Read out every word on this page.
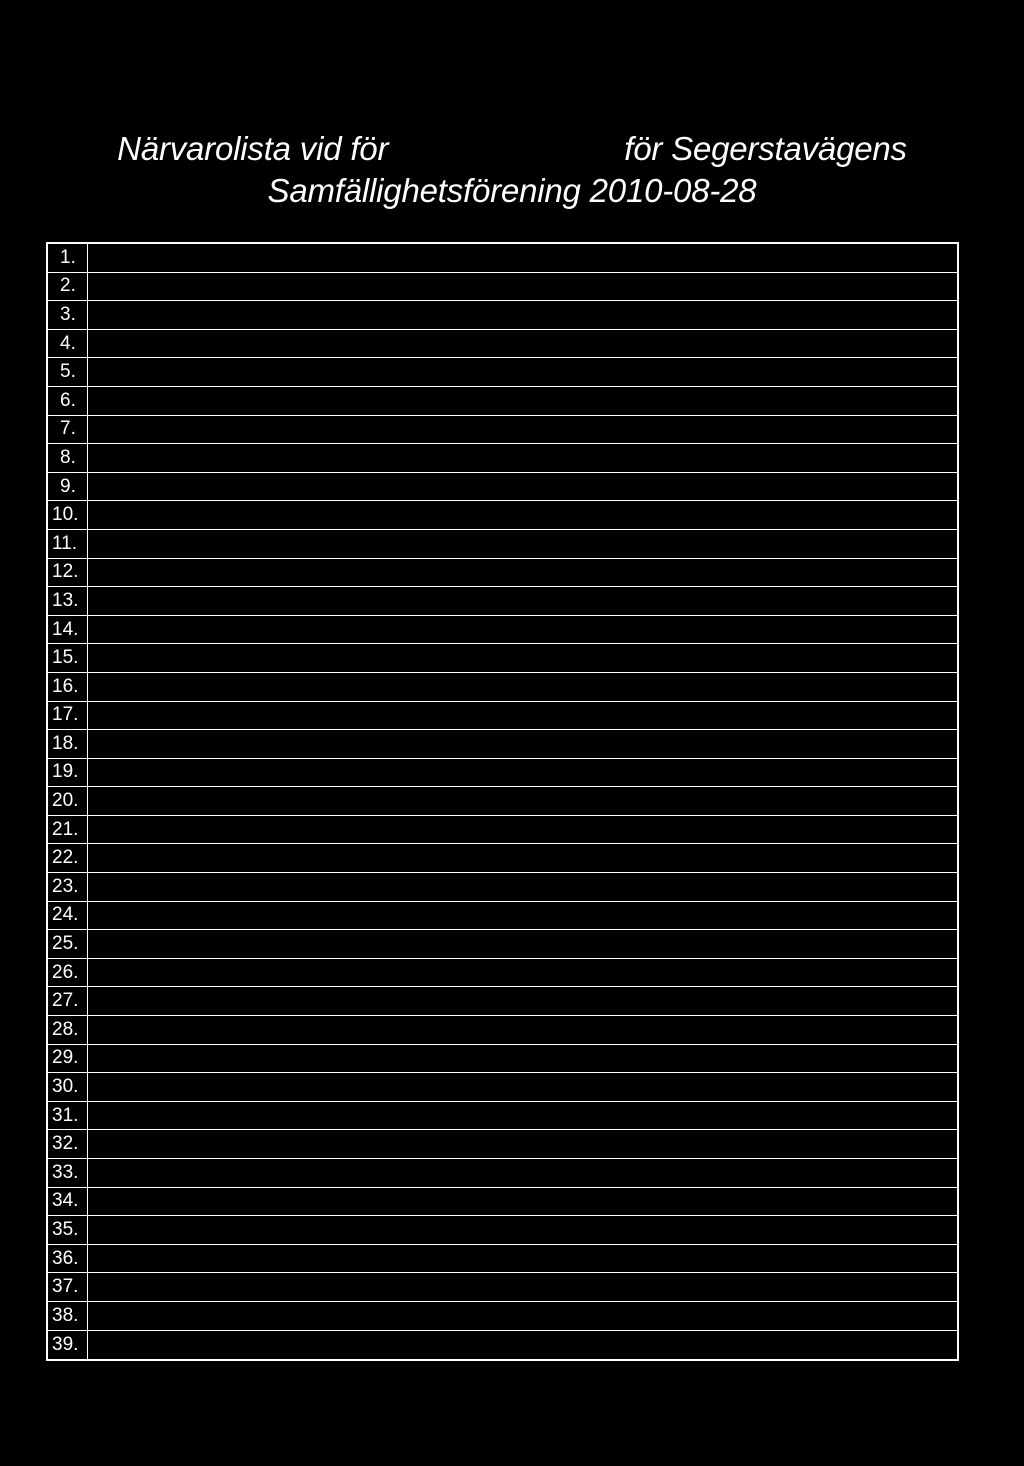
Närvarolista vid för	för Segerstavägens
Samfällighetsförening 2010-08-28
1.
2.
3.
4.
5.
6.
7.
8.
9.
10.
11.
12.
13.
14.
15.
16.
17.
18.
19.
20.
21.
22.
23.
24.
25.
26.
27.
28.
29.
30.
31.
32.
33.
34.
35.
36.
37.
38.
39.
